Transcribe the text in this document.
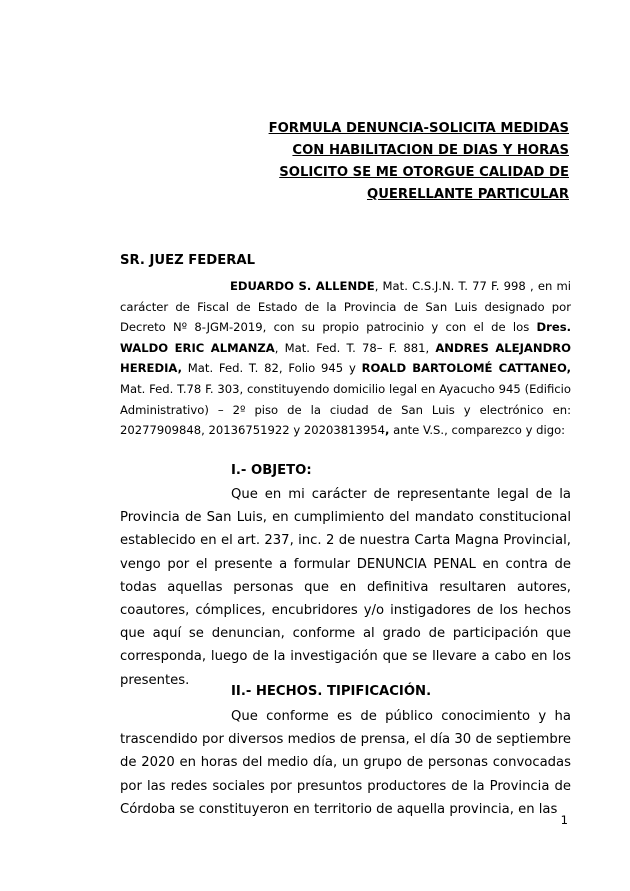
FORMULA DENUNCIA-SOLICITA MEDIDAS
CON HABILITACION DE DIAS Y HORAS
SOLICITO SE ME OTORGUE CALIDAD DE
QUERELLANTE PARTICULAR
SR. JUEZ FEDERAL

EDUARDO S. ALLENDE, Mat. C.S.J.N. T. 77 F. 998 , en mi carácter de Fiscal de Estado de la Provincia de San Luis designado por Decreto Nº 8-JGM-2019, con su propio patrocinio y con el de los Dres. WALDO ERIC ALMANZA, Mat. Fed. T. 78– F. 881, ANDRES ALEJANDRO HEREDIA, Mat. Fed. T. 82, Folio 945 y ROALD BARTOLOMÉ CATTANEO, Mat. Fed. T.78 F. 303, constituyendo domicilio legal en Ayacucho 945 (Edificio Administrativo) – 2º piso de la ciudad de San Luis y electrónico en: 20277909848, 20136751922 y 20203813954, ante V.S., comparezco y digo:

I.- OBJETO:

Que en mi carácter de representante legal de la Provincia de San Luis, en cumplimiento del mandato constitucional establecido en el art. 237, inc. 2 de nuestra Carta Magna Provincial, vengo por el presente a formular DENUNCIA PENAL en contra de todas aquellas personas que en definitiva resultaren autores, coautores, cómplices, encubridores y/o instigadores de los hechos que aquí se denuncian, conforme al grado de participación que corresponda, luego de la investigación que se llevare a cabo en los presentes.

II.- HECHOS. TIPIFICACIÓN.

Que conforme es de público conocimiento y ha trascendido por diversos medios de prensa, el día 30 de septiembre de 2020 en horas del medio día, un grupo de personas convocadas por las redes sociales por presuntos productores de la Provincia de Córdoba se constituyeron en territorio de aquella provincia, en las

1
